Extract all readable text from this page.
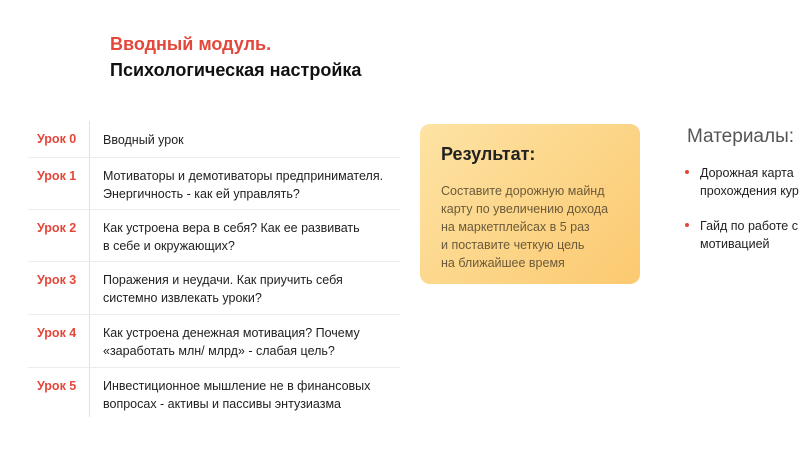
Вводный модуль.
Психологическая настройка
Урок 0	Вводный урок
Урок 1	Мотиваторы и демотиваторы предпринимателя.
Энергичность - как ей управлять?
Урок 2	Как устроена вера в себя? Как ее развивать
в себе и окружающих?
Урок 3	Поражения и неудачи. Как приучить себя
системно извлекать уроки?
Урок 4	Как устроена денежная мотивация? Почему
«заработать млн/ млрд» - слабая цель?
Урок 5	Инвестиционное мышление не в финансовых
вопросах - активы и пассивы энтузиазма
Результат:
Составите дорожную майнд
карту по увеличению дохода
на маркетплейсах в 5 раз
и поставите четкую цель
на ближайшее время
Материалы:
Дорожная карта
прохождения кур
Гайд по работе с
мотивацией
